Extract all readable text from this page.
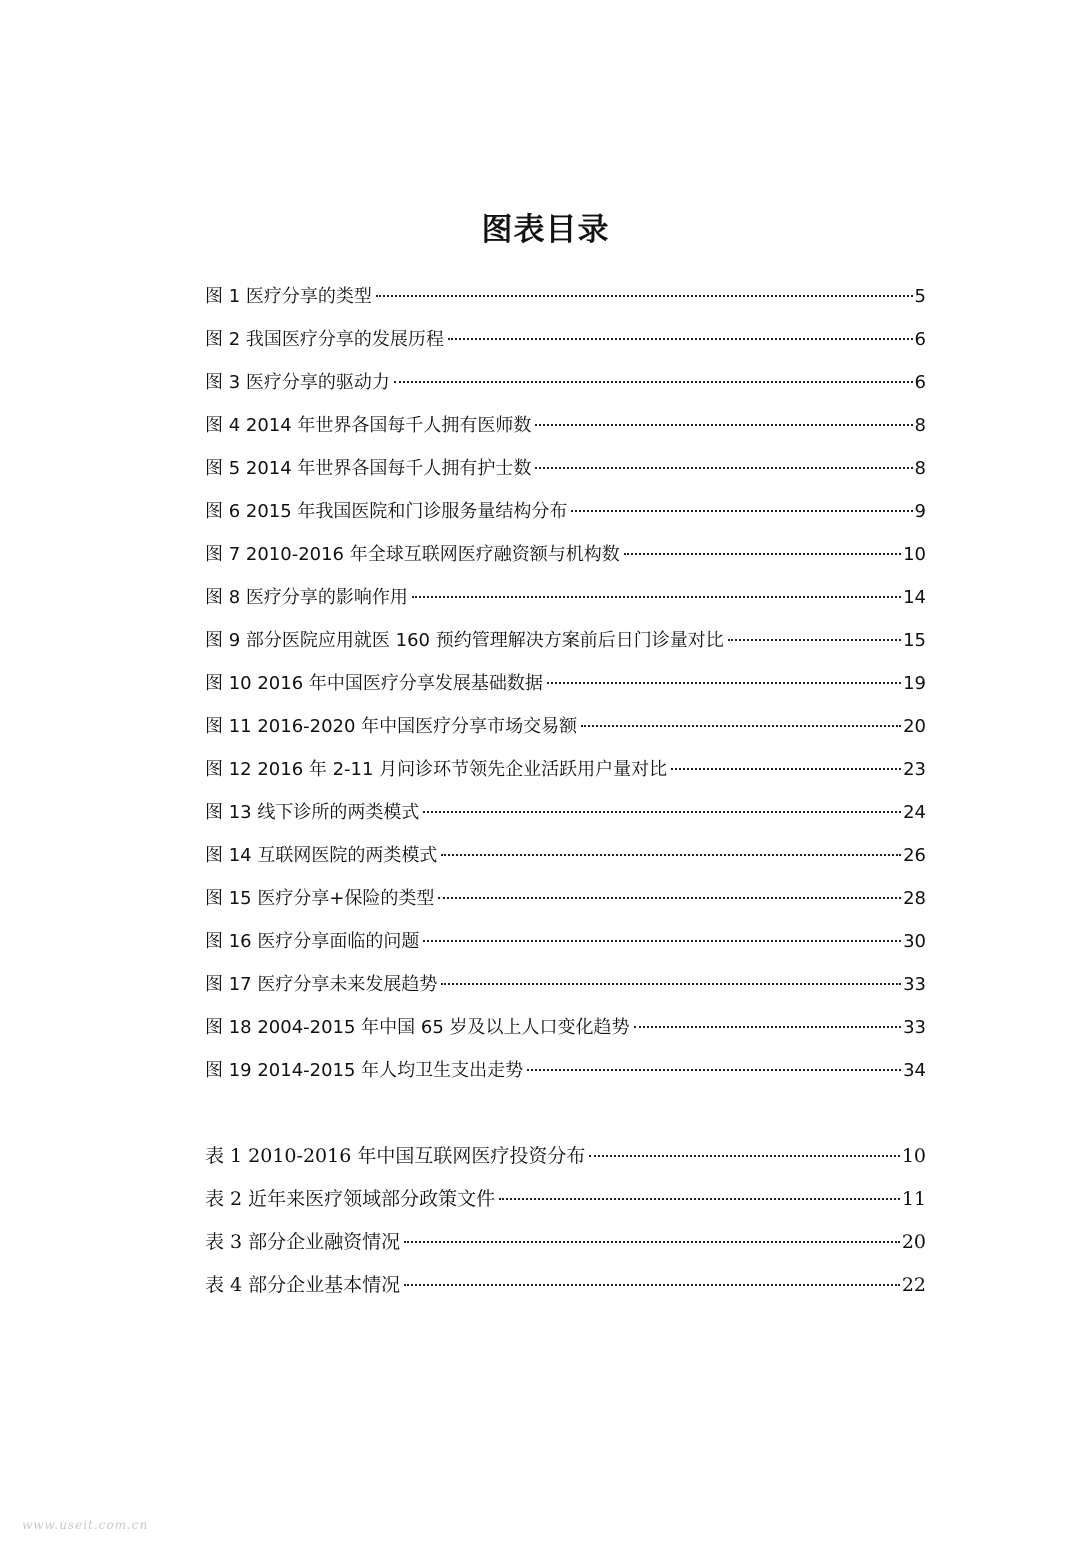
图表目录
图 1 医疗分享的类型	5
图 2 我国医疗分享的发展历程	6
图 3 医疗分享的驱动力	6
图 4 2014 年世界各国每千人拥有医师数	8
图 5 2014 年世界各国每千人拥有护士数	8
图 6 2015 年我国医院和门诊服务量结构分布	9
图 7 2010-2016 年全球互联网医疗融资额与机构数	10
图 8 医疗分享的影响作用	14
图 9 部分医院应用就医 160 预约管理解决方案前后日门诊量对比	15
图 10 2016 年中国医疗分享发展基础数据	19
图 11 2016-2020 年中国医疗分享市场交易额	20
图 12 2016 年 2-11 月问诊环节领先企业活跃用户量对比	23
图 13 线下诊所的两类模式	24
图 14 互联网医院的两类模式	26
图 15 医疗分享+保险的类型	28
图 16 医疗分享面临的问题	30
图 17 医疗分享未来发展趋势	33
图 18 2004-2015 年中国 65 岁及以上人口变化趋势	33
图 19 2014-2015 年人均卫生支出走势	34
表 1 2010-2016 年中国互联网医疗投资分布	10
表 2 近年来医疗领域部分政策文件	11
表 3 部分企业融资情况	20
表 4 部分企业基本情况	22
www.useit.com.cn
